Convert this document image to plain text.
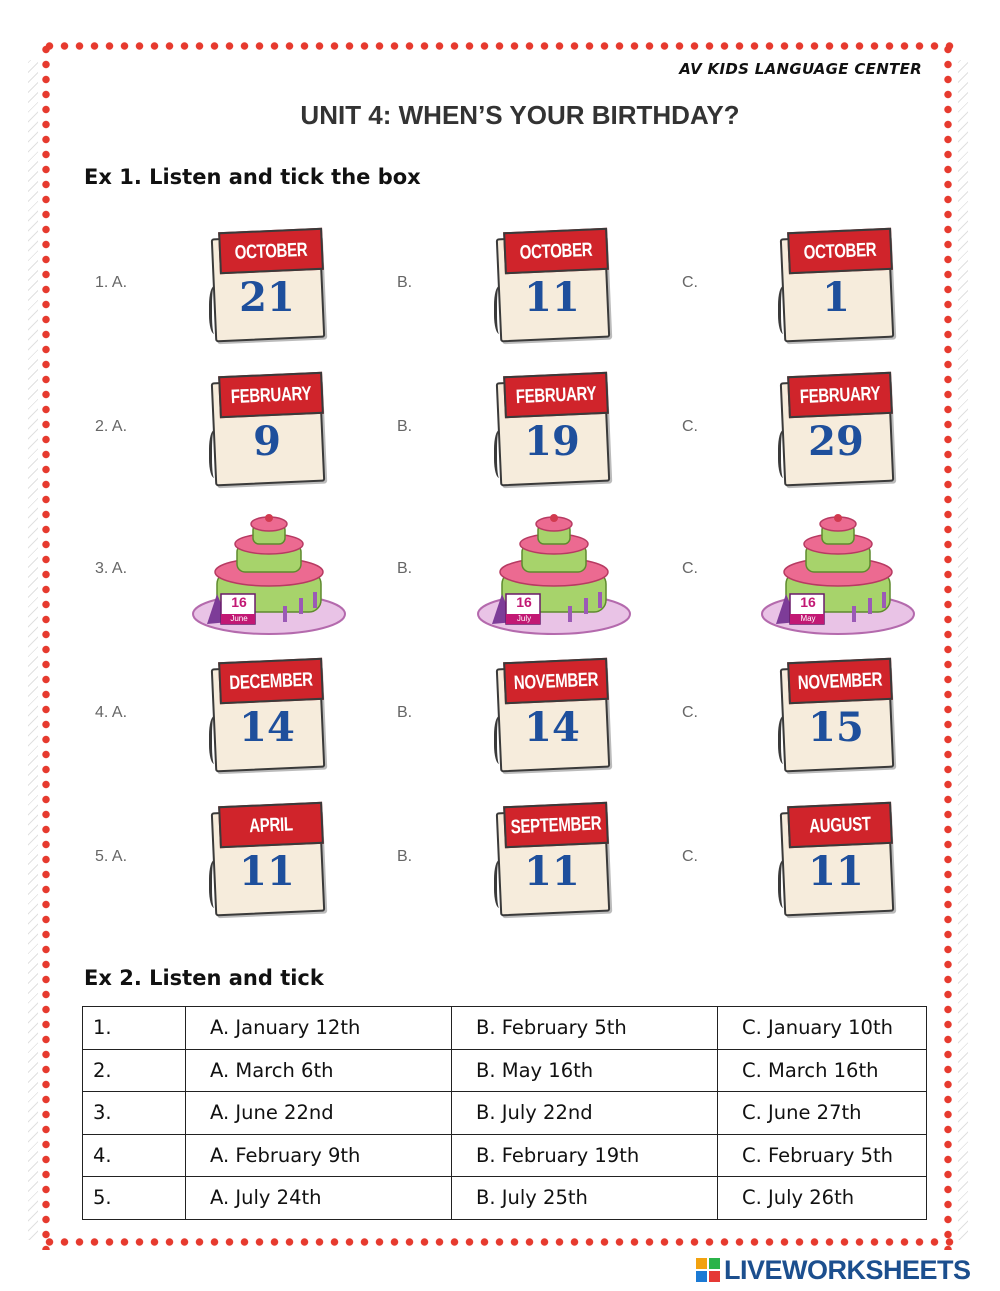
AV KIDS LANGUAGE CENTER
UNIT 4: WHEN’S YOUR BIRTHDAY?
Ex 1. Listen and tick the box
1. A.
OCTOBER
21	B.
OCTOBER
11	C.
OCTOBER
1
2. A.
FEBRUARY
9	B.
FEBRUARY
19	C.
FEBRUARY
29
3. A.
16
June
B.
16
July
C.
16
May
4. A.
DECEMBER
14	B.
NOVEMBER
14	C.
NOVEMBER
15
5. A.
APRIL
11	B.
SEPTEMBER
11	C.
AUGUST
11
Ex 2. Listen and tick
1.	A. January 12th	B. February 5th	C. January 10th
2.	A. March 6th	B. May 16th	C. March 16th
3.	A. June 22nd	B. July 22nd	C. June 27th
4.	A. February 9th	B. February 19th	C. February 5th
5.	A. July 24th	B. July 25th	C. July 26th
LIVEWORKSHEETS
